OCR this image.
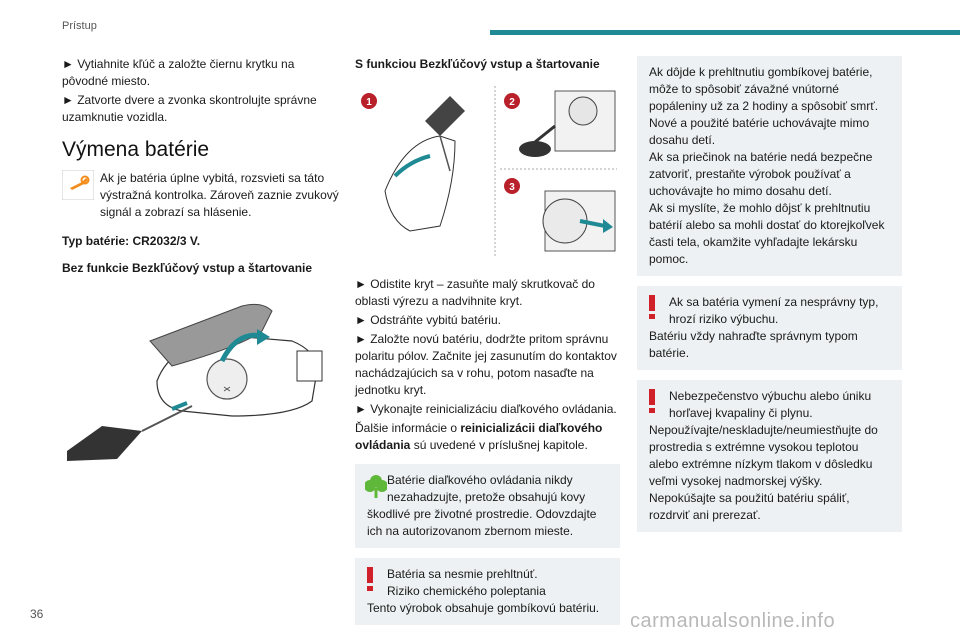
Prístup

► Vytiahnite kľúč a založte čiernu krytku na pôvodné miesto.

► Zatvorte dvere a zvonka skontrolujte správne uzamknutie vozidla.

Výmena batérie

Ak je batéria úplne vybitá, rozsvieti sa táto výstražná kontrolka. Zároveň zaznie zvukový signál a zobrazí sa hlásenie.

Typ batérie: CR2032/3 V.

Bez funkcie Bezkľúčový vstup a štartovanie

S funkciou Bezkľúčový vstup a štartovanie

1	2
3

► Odistite kryt – zasuňte malý skrutkovač do oblasti výrezu a nadvihnite kryt.

► Odstráňte vybitú batériu.

► Založte novú batériu, dodržte pritom správnu polaritu pólov. Začnite jej zasunutím do kontaktov nachádzajúcich sa v rohu, potom nasaďte na jednotku kryt.

► Vykonajte reinicializáciu diaľkového ovládania.

Ďalšie informácie o reinicializácii diaľkového ovládania sú uvedené v príslušnej kapitole.

Batérie diaľkového ovládania nikdy

nezahadzujte, pretože obsahujú kovy

škodlivé pre životné prostredie. Odovzdajte ich na autorizovanom zbernom mieste.

Batéria sa nesmie prehltnúť.

Riziko chemického poleptania

Tento výrobok obsahuje gombíkovú batériu.

Ak dôjde k prehltnutiu gombíkovej batérie, môže to spôsobiť závažné vnútorné popáleniny už za 2 hodiny a spôsobiť smrť.

Nové a použité batérie uchovávajte mimo dosahu detí.

Ak sa priečinok na batérie nedá bezpečne zatvoriť, prestaňte výrobok používať a uchovávajte ho mimo dosahu detí.

Ak si myslíte, že mohlo dôjsť k prehltnutiu batérií alebo sa mohli dostať do ktorejkoľvek časti tela, okamžite vyhľadajte lekársku pomoc.

Ak sa batéria vymení za nesprávny typ,

hrozí riziko výbuchu.

Batériu vždy nahraďte správnym typom batérie.

Nebezpečenstvo výbuchu alebo úniku

horľavej kvapaliny či plynu.

Nepoužívajte/neskladujte/neumiestňujte do prostredia s extrémne vysokou teplotou alebo extrémne nízkym tlakom v dôsledku veľmi vysokej nadmorskej výšky.

Nepokúšajte sa použitú batériu spáliť, rozdrviť ani prerezať.

36	carmanualsonline.info
